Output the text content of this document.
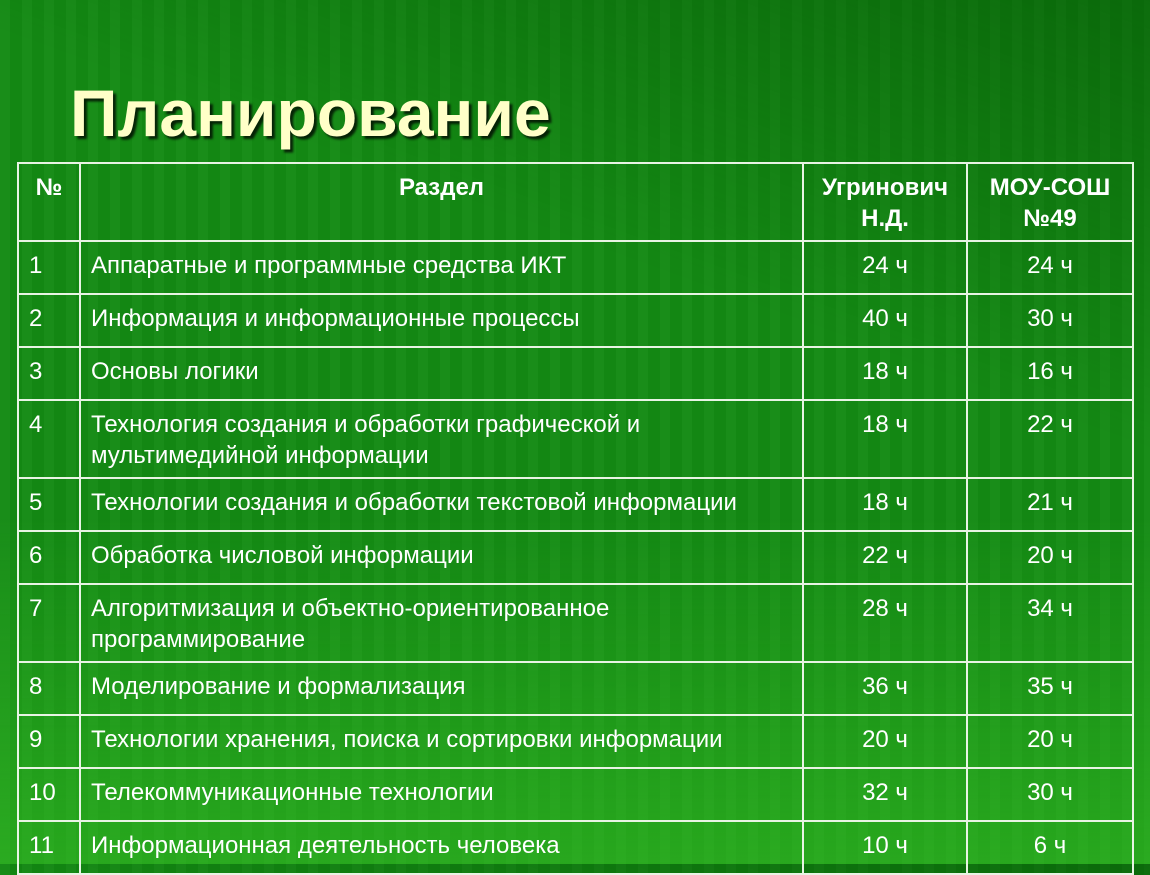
Планирование
№	Раздел	Угринович Н.Д.	МОУ-СОШ №49
1	Аппаратные и программные средства ИКТ	24 ч	24 ч
2	Информация и информационные процессы	40 ч	30 ч
3	Основы логики	18 ч	16 ч
4	Технология создания и обработки графической и мультимедийной информации	18 ч	22 ч
5	Технологии создания и обработки текстовой информации	18 ч	21 ч
6	Обработка числовой информации	22 ч	20 ч
7	Алгоритмизация и объектно-ориентированное программирование	28 ч	34 ч
8	Моделирование и формализация	36 ч	35 ч
9	Технологии хранения, поиска и сортировки информации	20 ч	20 ч
10	Телекоммуникационные технологии	32 ч	30 ч
11	Информационная деятельность человека	10 ч	6 ч
